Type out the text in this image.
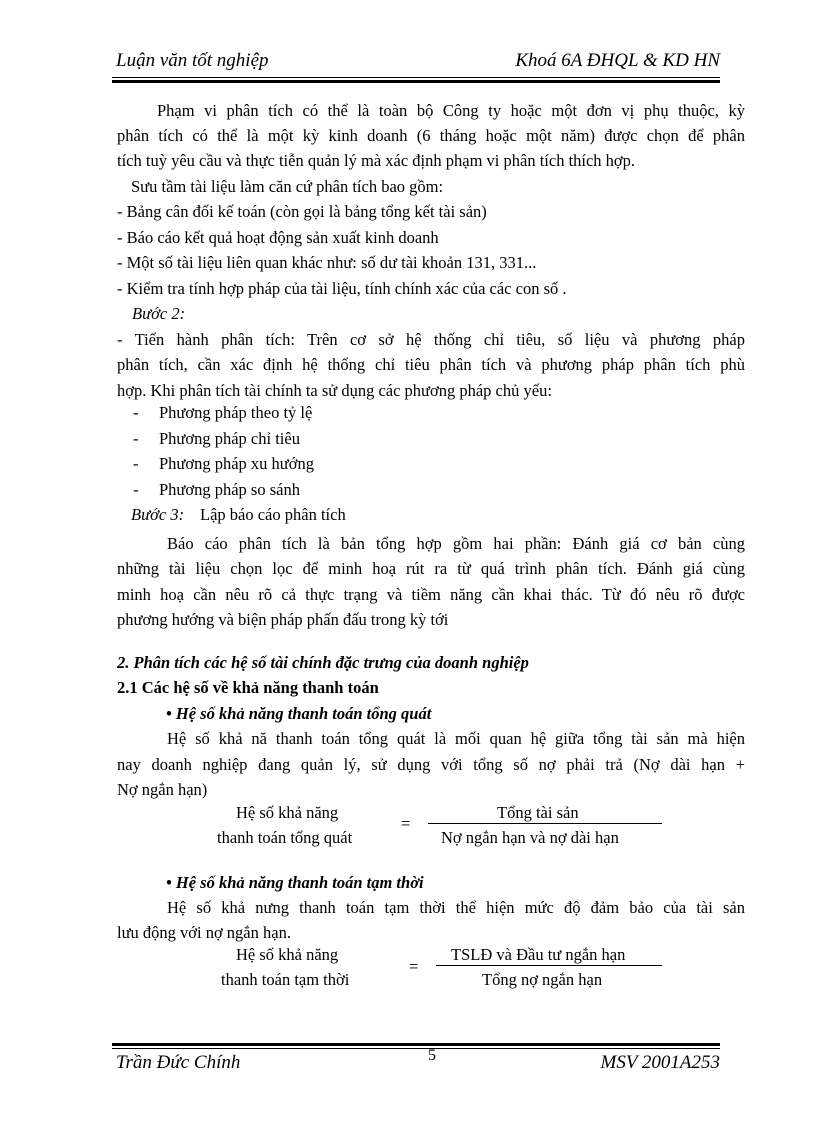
Luận văn tốt nghiệp	Khoá 6A ĐHQL & KD HN
Phạm vi phân tích có thể là toàn bộ Công ty hoặc một đơn vị phụ thuộc, kỳ
phân tích có thể là một kỳ kinh doanh (6 tháng hoặc một năm) được chọn để phân
tích tuỳ yêu cầu và thực tiễn quản lý mà xác định phạm vi phân tích thích hợp.
Sưu tầm tài liệu làm căn cứ phân tích bao gồm:
- Bảng cân đối kế toán (còn gọi là bảng tổng kết tài sản)
- Báo cáo kết quả hoạt động sản xuất kinh doanh
- Một số tài liệu liên quan khác như: số dư tài khoản 131, 331...
- Kiểm tra tính hợp pháp của tài liệu, tính chính xác của các con số .
Bước 2:
- Tiến hành phân tích: Trên cơ sở hệ thống chỉ tiêu, số liệu và phương pháp
phân tích, cần xác định hệ thống chỉ tiêu phân tích và phương pháp phân tích phù
hợp. Khi phân tích tài chính ta sử dụng các phương pháp chủ yếu:
- Phương pháp theo tỷ lệ
- Phương pháp chỉ tiêu
- Phương pháp xu hướng
- Phương pháp so sánh
Bước 3: Lập báo cáo phân tích
Báo cáo phân tích là bản tổng hợp gồm hai phần: Đánh giá cơ bản cùng
những tài liệu chọn lọc để minh hoạ rút ra từ quá trình phân tích. Đánh giá cùng
minh hoạ cần nêu rõ cả thực trạng và tiềm năng cần khai thác. Từ đó nêu rõ được
phương hướng và biện pháp phấn đấu trong kỳ tới
2. Phân tích các hệ số tài chính đặc trưng của doanh nghiệp
2.1 Các hệ số về khả năng thanh toán
• Hệ số khả năng thanh toán tổng quát
Hệ số khả nă thanh toán tổng quát là mối quan hệ giữa tổng tài sản mà hiện
nay doanh nghiệp đang quản lý, sử dụng với tổng số nợ phải trả (Nợ dài hạn +
Nợ ngắn hạn)
Hệ số khả năng
thanh toán tổng quát
=
Tổng tài sản
Nợ ngắn hạn và nợ dài hạn
• Hệ số khả năng thanh toán tạm thời
Hệ số khả nưng thanh toán tạm thời thể hiện mức độ đảm bảo của tài sản
lưu động với nợ ngắn hạn.
Hệ số khả năng
thanh toán tạm thời
=
TSLĐ và Đầu tư ngắn hạn
Tổng nợ ngắn hạn
Trần Đức Chính	5	MSV 2001A253
